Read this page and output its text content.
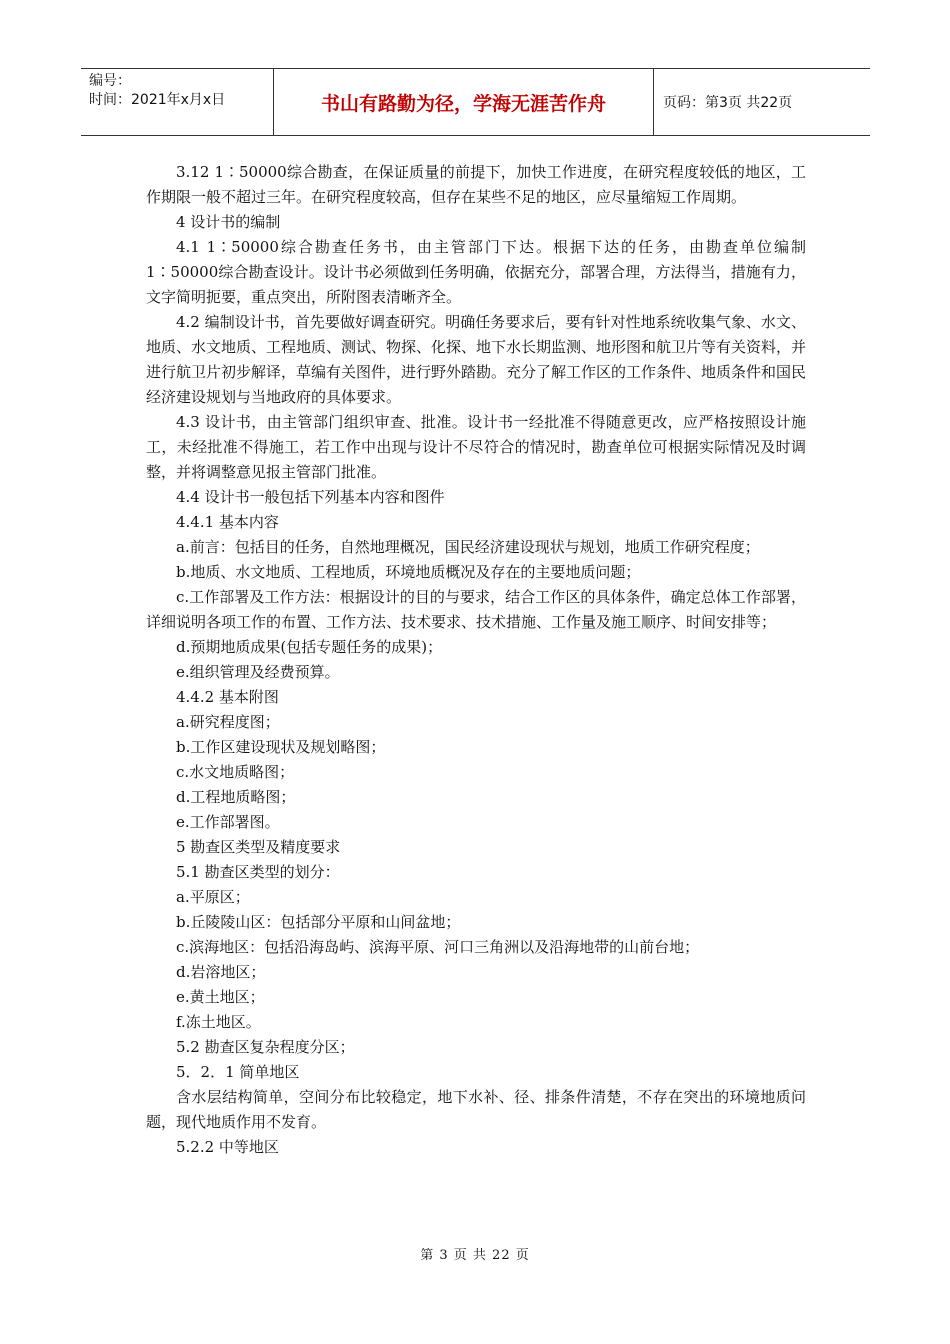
编号：
时间：2021年x月x日	书山有路勤为径，学海无涯苦作舟	页码：第3页 共22页

3.12 1∶50000综合勘查，在保证质量的前提下，加快工作进度，在研究程度较低的地区，工作期限一般不超过三年。在研究程度较高，但存在某些不足的地区，应尽量缩短工作周期。

4 设计书的编制

4.1 1∶50000综合勘查任务书，由主管部门下达。根据下达的任务，由勘查单位编制1∶50000综合勘查设计。设计书必须做到任务明确，依据充分，部署合理，方法得当，措施有力，文字简明扼要，重点突出，所附图表清晰齐全。

4.2 编制设计书，首先要做好调查研究。明确任务要求后，要有针对性地系统收集气象、水文、地质、水文地质、工程地质、测试、物探、化探、地下水长期监测、地形图和航卫片等有关资料，并进行航卫片初步解译，草编有关图件，进行野外踏勘。充分了解工作区的工作条件、地质条件和国民经济建设规划与当地政府的具体要求。

4.3 设计书，由主管部门组织审查、批准。设计书一经批准不得随意更改，应严格按照设计施工，未经批准不得施工，若工作中出现与设计不尽符合的情况时，勘查单位可根据实际情况及时调整，并将调整意见报主管部门批准。

4.4 设计书一般包括下列基本内容和图件

4.4.1 基本内容

a.前言：包括目的任务，自然地理概况，国民经济建设现状与规划，地质工作研究程度；

b.地质、水文地质、工程地质，环境地质概况及存在的主要地质问题；

c.工作部署及工作方法：根据设计的目的与要求，结合工作区的具体条件，确定总体工作部署，详细说明各项工作的布置、工作方法、技术要求、技术措施、工作量及施工顺序、时间安排等；

d.预期地质成果(包括专题任务的成果)；

e.组织管理及经费预算。

4.4.2 基本附图

a.研究程度图；

b.工作区建设现状及规划略图；

c.水文地质略图；

d.工程地质略图；

e.工作部署图。

5 勘查区类型及精度要求

5.1 勘查区类型的划分：

a.平原区；

b.丘陵陵山区：包括部分平原和山间盆地；

c.滨海地区：包括沿海岛屿、滨海平原、河口三角洲以及沿海地带的山前台地；

d.岩溶地区；

e.黄土地区；

f.冻土地区。

5.2 勘查区复杂程度分区；

5．2．1 简单地区

含水层结构简单，空间分布比较稳定，地下水补、径、排条件清楚，不存在突出的环境地质问题，现代地质作用不发育。

5.2.2 中等地区

第 3 页 共 22 页
